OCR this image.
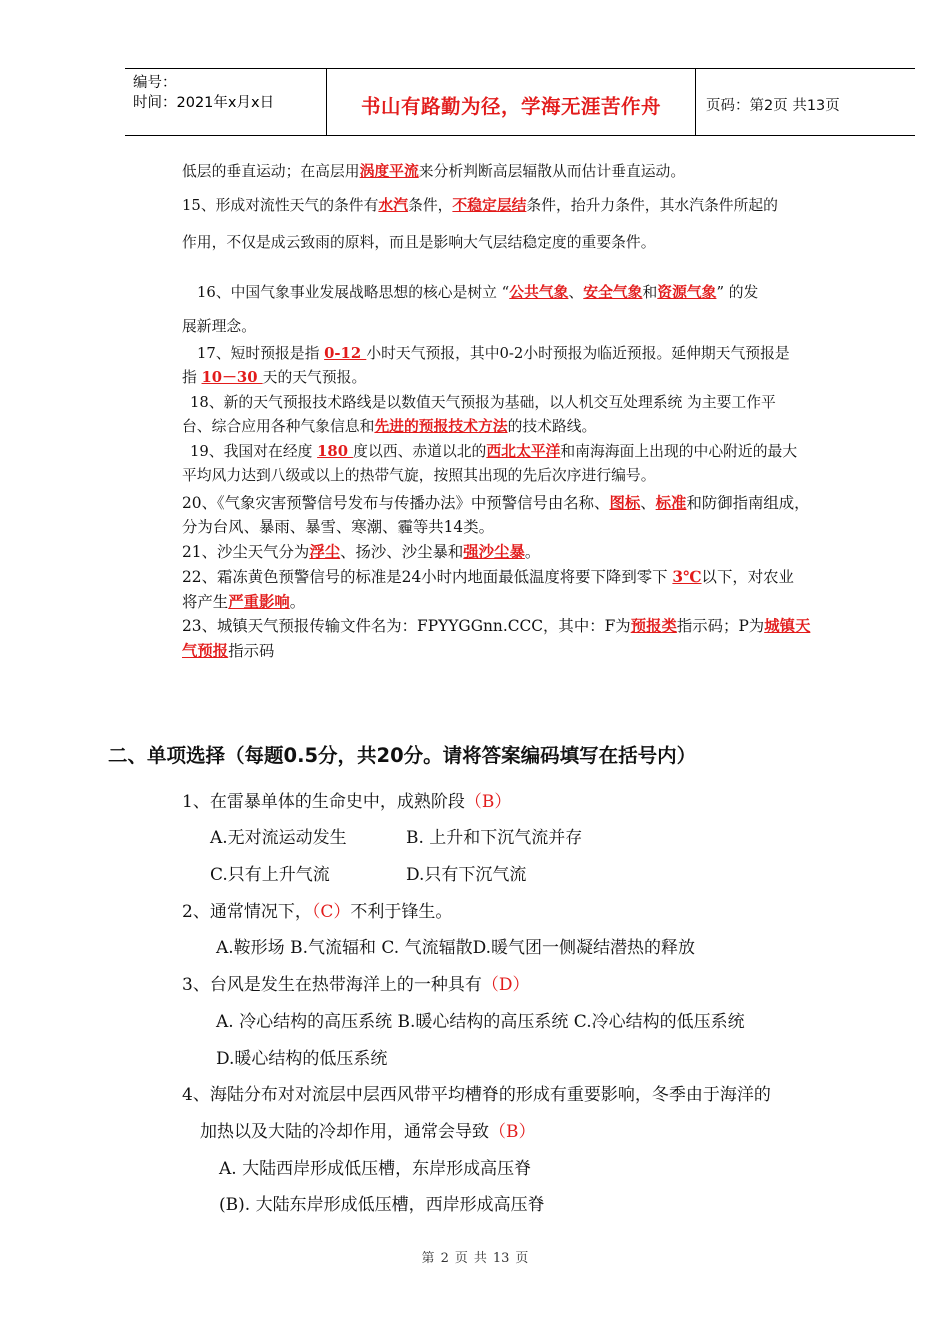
编号：
时间：2021年x月x日	书山有路勤为径，学海无涯苦作舟	页码：第2页 共13页
低层的垂直运动；在高层用涡度平流来分析判断高层辐散从而估计垂直运动。
15、形成对流性天气的条件有水汽条件，不稳定层结条件，抬升力条件，其水汽条件所起的
作用，不仅是成云致雨的原料，而且是影响大气层结稳定度的重要条件。
16、中国气象事业发展战略思想的核心是树立 “公共气象、安全气象和资源气象” 的发
展新理念。
17、短时预报是指 0-12 小时天气预报，其中0-2小时预报为临近预报。延伸期天气预报是
指 10－30 天的天气预报。
18、新的天气预报技术路线是以数值天气预报为基础，以人机交互处理系统 为主要工作平
台、综合应用各种气象信息和先进的预报技术方法的技术路线。
19、我国对在经度 180 度以西、赤道以北的西北太平洋和南海海面上出现的中心附近的最大
平均风力达到八级或以上的热带气旋，按照其出现的先后次序进行编号。
20、《气象灾害预警信号发布与传播办法》中预警信号由名称、图标、标准和防御指南组成，
分为台风、暴雨、暴雪、寒潮、霾等共14类。
21、沙尘天气分为浮尘、扬沙、沙尘暴和强沙尘暴。
22、霜冻黄色预警信号的标准是24小时内地面最低温度将要下降到零下 3℃以下，对农业
将产生严重影响。
23、城镇天气预报传输文件名为：FPYYGGnn.CCC，其中：F为预报类指示码；P为城镇天
气预报指示码
二、单项选择（每题0.5分，共20分。请将答案编码填写在括号内）
1、在雷暴单体的生命史中，成熟阶段（B）
A.无对流运动发生	B. 上升和下沉气流并存
C.只有上升气流	D.只有下沉气流
2、通常情况下，（C）不利于锋生。
A.鞍形场 B.气流辐和 C. 气流辐散D.暖气团一侧凝结潜热的释放
3、台风是发生在热带海洋上的一种具有（D）
A. 冷心结构的高压系统 B.暖心结构的高压系统 C.冷心结构的低压系统
D.暖心结构的低压系统
4、海陆分布对对流层中层西风带平均槽脊的形成有重要影响，冬季由于海洋的
加热以及大陆的冷却作用，通常会导致（B）
A. 大陆西岸形成低压槽，东岸形成高压脊
(B). 大陆东岸形成低压槽，西岸形成高压脊
第 2 页 共 13 页
